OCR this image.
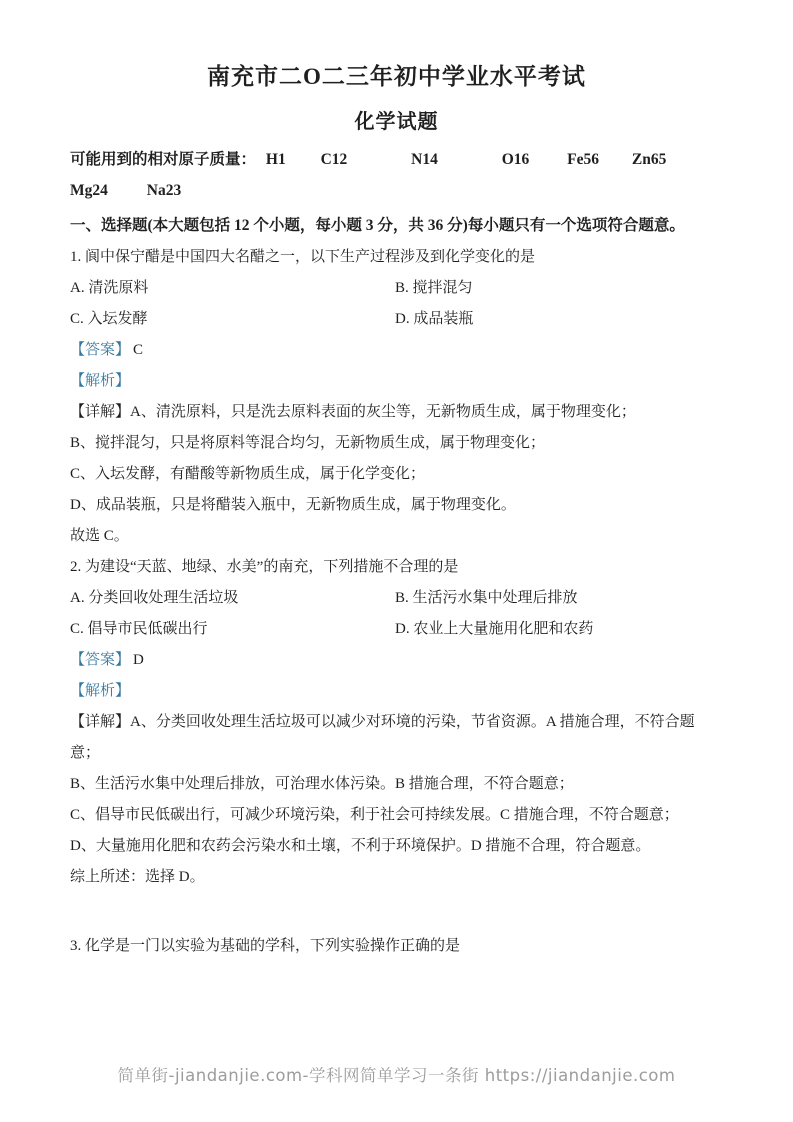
南充市二O二三年初中学业水平考试
化学试题

可能用到的相对原子质量： H1 C12	N14	O16 Fe56 Zn65

Mg24	Na23

一、选择题(本大题包括 12 个小题，每小题 3 分，共 36 分)每小题只有一个选项符合题意。

1. 阆中保宁醋是中国四大名醋之一，以下生产过程涉及到化学变化的是

A. 清洗原料	B. 搅拌混匀
C. 入坛发酵	D. 成品装瓶

【答案】 C

【解析】

【详解】A、清洗原料，只是洗去原料表面的灰尘等，无新物质生成，属于物理变化；

B、搅拌混匀，只是将原料等混合均匀，无新物质生成，属于物理变化；

C、入坛发酵，有醋酸等新物质生成，属于化学变化；

D、成品装瓶，只是将醋装入瓶中，无新物质生成，属于物理变化。

故选 C。

2. 为建设“天蓝、地绿、水美”的南充，下列措施不合理的是

A. 分类回收处理生活垃圾	B. 生活污水集中处理后排放
C. 倡导市民低碳出行	D. 农业上大量施用化肥和农药

【答案】 D

【解析】

【详解】A、分类回收处理生活垃圾可以减少对环境的污染，节省资源。A 措施合理，不符合题意；

B、生活污水集中处理后排放，可治理水体污染。B 措施合理，不符合题意；

C、倡导市民低碳出行，可减少环境污染，利于社会可持续发展。C 措施合理，不符合题意；

D、大量施用化肥和农药会污染水和土壤，不利于环境保护。D 措施不合理，符合题意。

综上所述：选择 D。

3. 化学是一门以实验为基础的学科，下列实验操作正确的是

简单街-jiandanjie.com-学科网简单学习一条街 https://jiandanjie.com
